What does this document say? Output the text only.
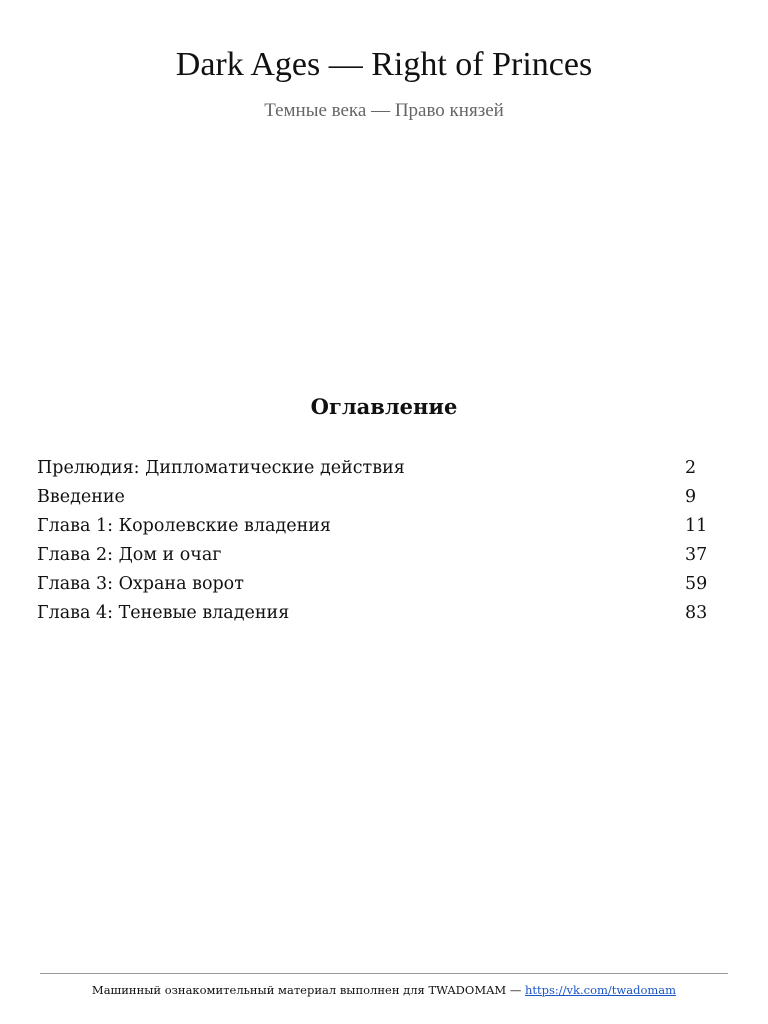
Dark Ages — Right of Princes
Темные века — Право князей
Оглавление
Прелюдия: Дипломатические действия	2
Введение	9
Глава 1: Королевские владения	11
Глава 2: Дом и очаг	37
Глава 3: Охрана ворот	59
Глава 4: Теневые владения	83
Машинный ознакомительный материал выполнен для TWADOMAM — https://vk.com/twadomam
